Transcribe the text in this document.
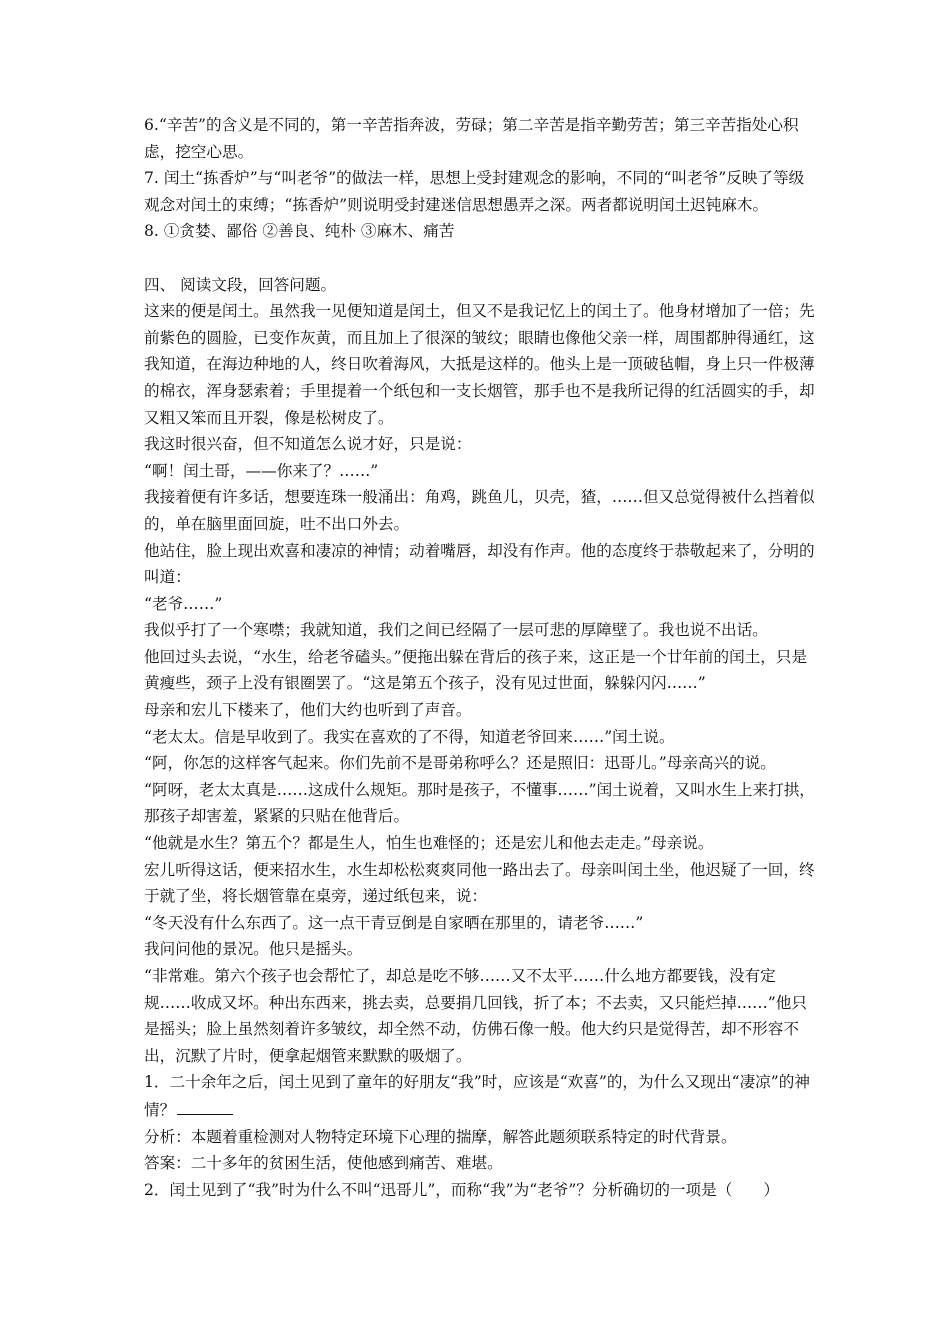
6.“辛苦”的含义是不同的，第一辛苦指奔波，劳碌；第二辛苦是指辛勤劳苦；第三辛苦指处心积虑，挖空心思。

7. 闰土“拣香炉”与“叫老爷”的做法一样，思想上受封建观念的影响，不同的“叫老爷”反映了等级观念对闰土的束缚；“拣香炉”则说明受封建迷信思想愚弄之深。两者都说明闰土迟钝麻木。

8. ①贪婪、鄙俗 ②善良、纯朴 ③麻木、痛苦

四、 阅读文段，回答问题。

这来的便是闰土。虽然我一见便知道是闰土，但又不是我记忆上的闰土了。他身材增加了一倍；先前紫色的圆脸，已变作灰黄，而且加上了很深的皱纹；眼睛也像他父亲一样，周围都肿得通红，这我知道，在海边种地的人，终日吹着海风，大抵是这样的。他头上是一顶破毡帽，身上只一件极薄的棉衣，浑身瑟索着；手里提着一个纸包和一支长烟管，那手也不是我所记得的红活圆实的手，却又粗又笨而且开裂，像是松树皮了。

我这时很兴奋，但不知道怎么说才好，只是说：

“啊！闰土哥，——你来了？……”

我接着便有许多话，想要连珠一般涌出：角鸡，跳鱼儿，贝壳，猹，……但又总觉得被什么挡着似的，单在脑里面回旋，吐不出口外去。

他站住，脸上现出欢喜和凄凉的神情；动着嘴唇，却没有作声。他的态度终于恭敬起来了，分明的叫道：

“老爷……”

我似乎打了一个寒噤；我就知道，我们之间已经隔了一层可悲的厚障壁了。我也说不出话。

他回过头去说，“水生，给老爷磕头。”便拖出躲在背后的孩子来，这正是一个廿年前的闰土，只是黄瘦些，颈子上没有银圈罢了。“这是第五个孩子，没有见过世面，躲躲闪闪……”

母亲和宏儿下楼来了，他们大约也听到了声音。

“老太太。信是早收到了。我实在喜欢的了不得，知道老爷回来……”闰土说。

“阿，你怎的这样客气起来。你们先前不是哥弟称呼么？还是照旧：迅哥儿。”母亲高兴的说。

“阿呀，老太太真是……这成什么规矩。那时是孩子，不懂事……”闰土说着，又叫水生上来打拱，那孩子却害羞，紧紧的只贴在他背后。

“他就是水生？第五个？都是生人，怕生也难怪的；还是宏儿和他去走走。”母亲说。

宏儿听得这话，便来招水生，水生却松松爽爽同他一路出去了。母亲叫闰土坐，他迟疑了一回，终于就了坐，将长烟管靠在桌旁，递过纸包来，说：

“冬天没有什么东西了。这一点干青豆倒是自家晒在那里的，请老爷……”

我问问他的景况。他只是摇头。

“非常难。第六个孩子也会帮忙了，却总是吃不够……又不太平……什么地方都要钱，没有定规……收成又坏。种出东西来，挑去卖，总要捐几回钱，折了本；不去卖，又只能烂掉……”他只是摇头；脸上虽然刻着许多皱纹，却全然不动，仿佛石像一般。他大约只是觉得苦，却不形容不出，沉默了片时，便拿起烟管来默默的吸烟了。

1．二十余年之后，闰土见到了童年的好朋友“我”时，应该是“欢喜”的，为什么又现出“凄凉”的神情？

分析：本题着重检测对人物特定环境下心理的揣摩，解答此题须联系特定的时代背景。

答案：二十多年的贫困生活，使他感到痛苦、难堪。

2．闰土见到了“我”时为什么不叫“迅哥儿”，而称“我”为“老爷”？分析确切的一项是（　　）
